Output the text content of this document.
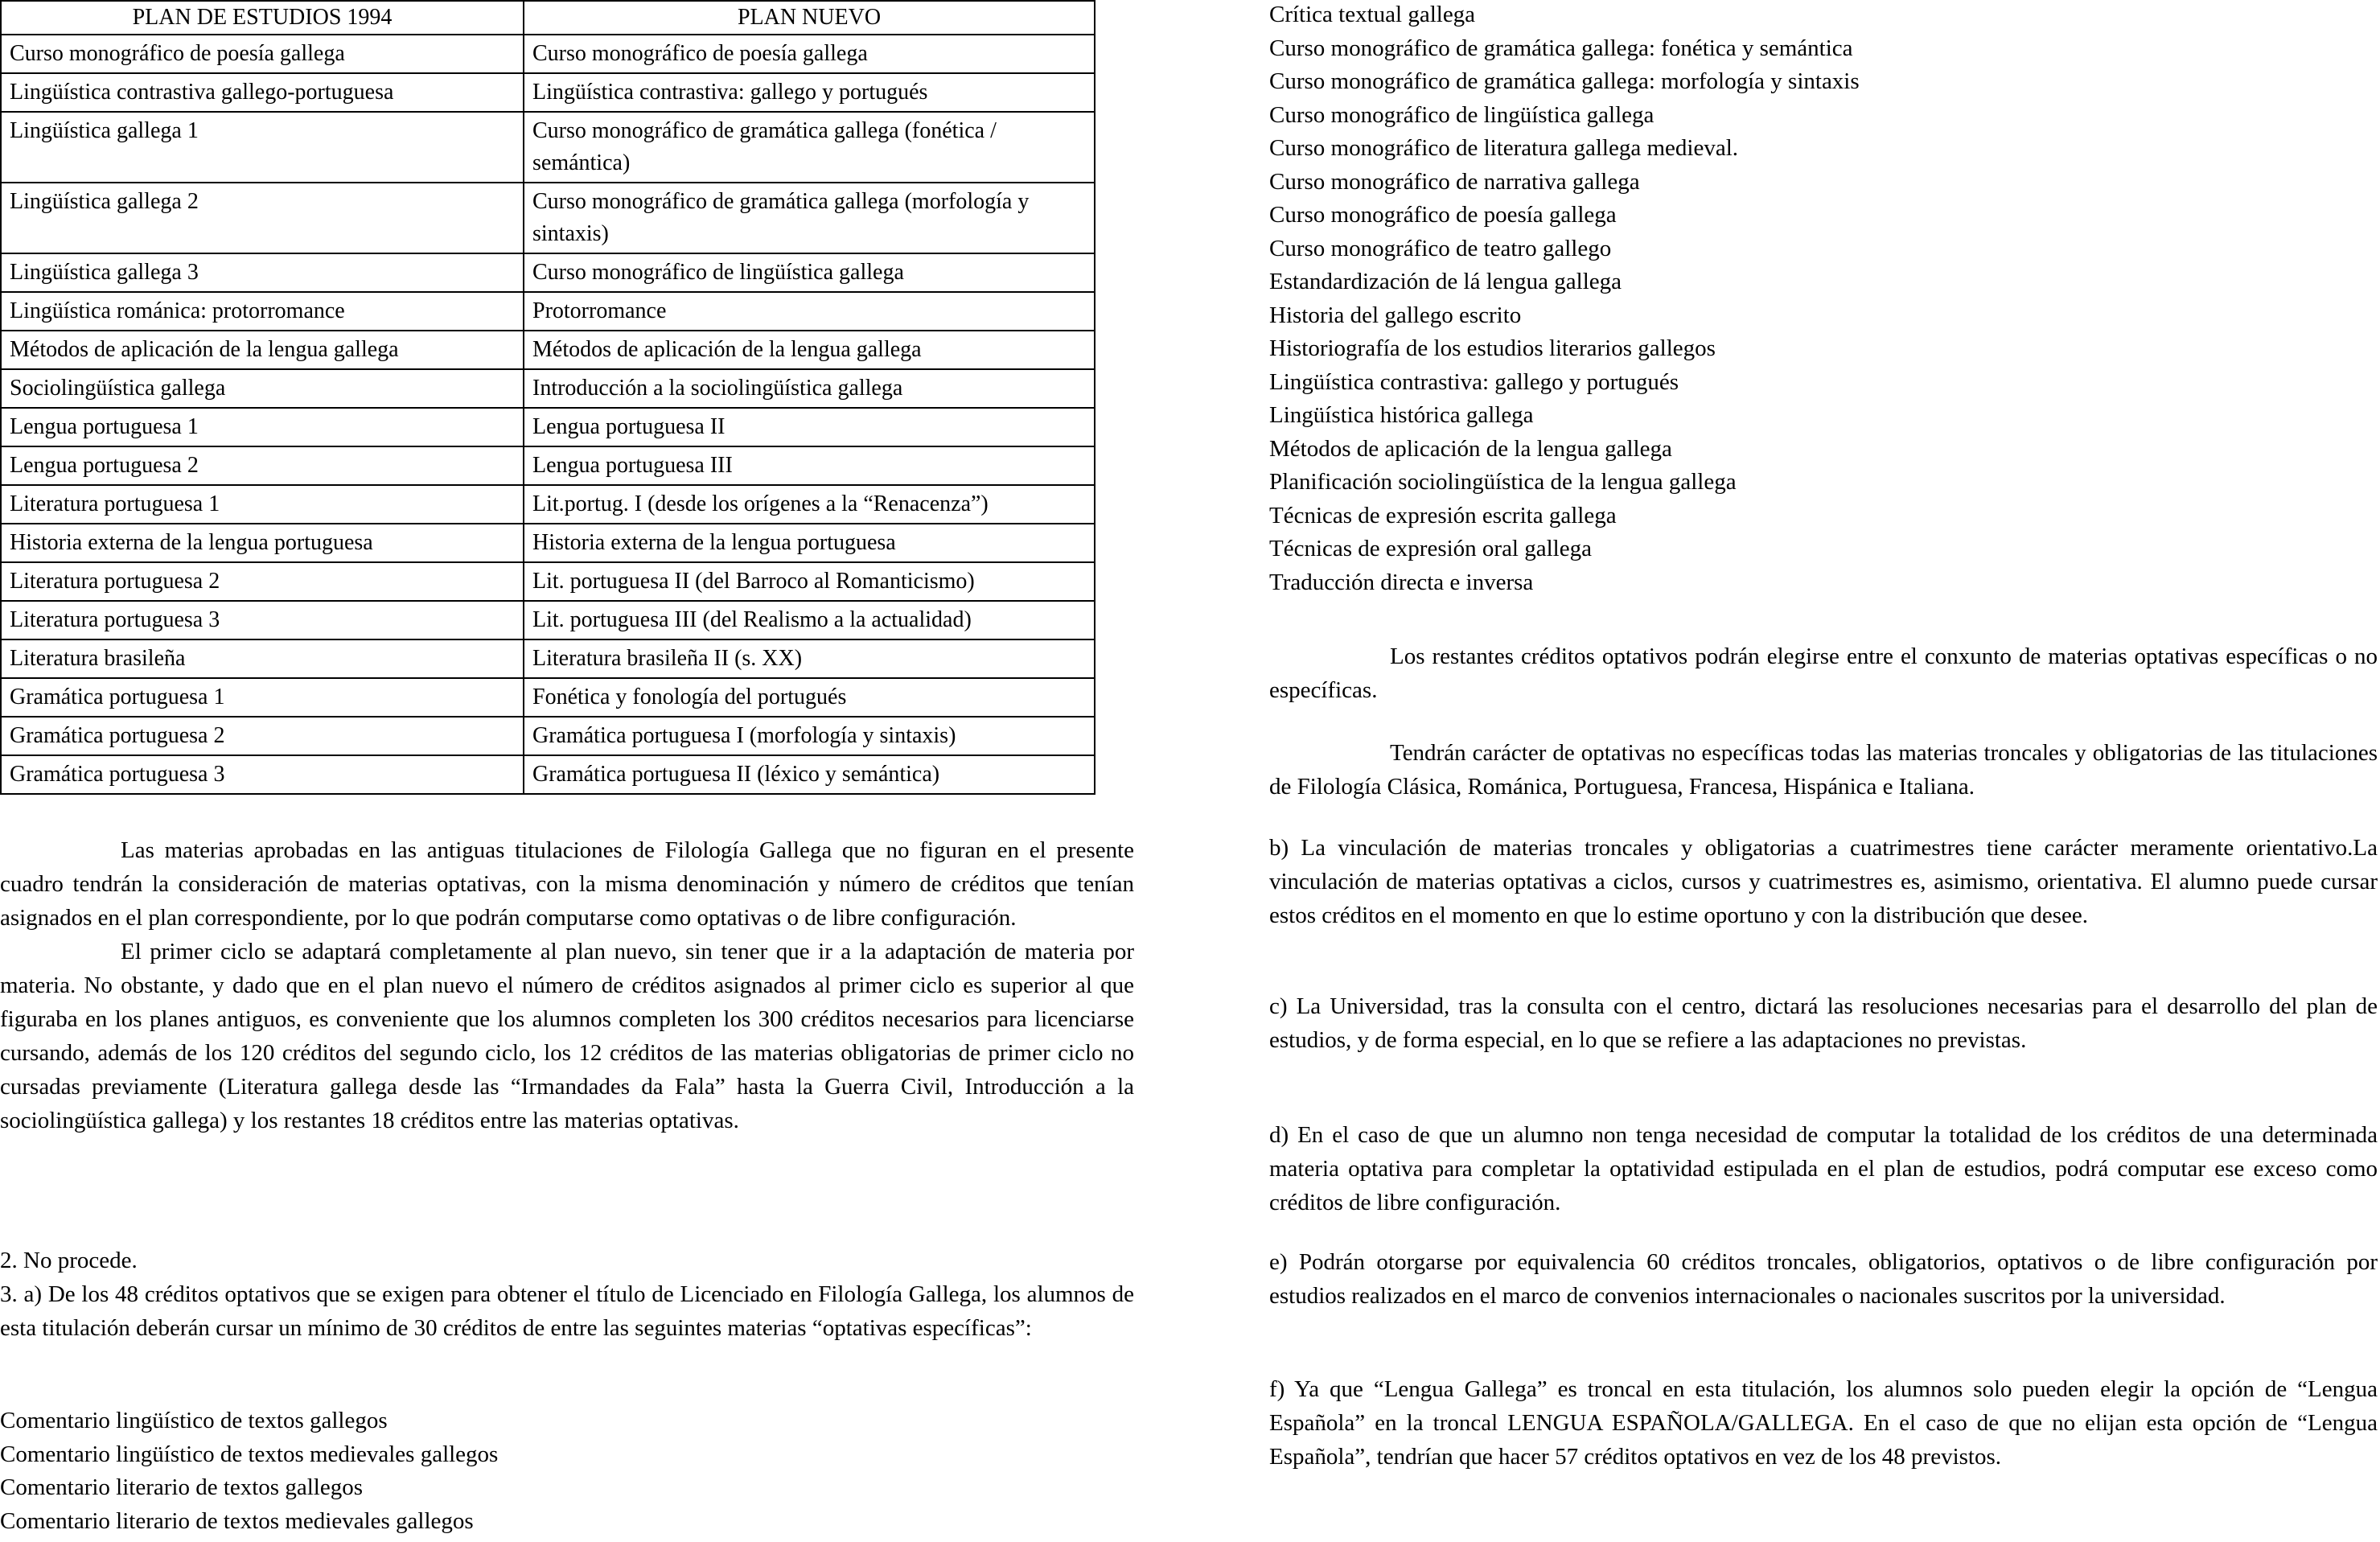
PLAN DE ESTUDIOS 1994	PLAN NUEVO
Curso monográfico de poesía gallega	Curso monográfico de poesía gallega
Lingüística contrastiva gallego-portuguesa	Lingüística contrastiva: gallego y portugués
Lingüística gallega 1	Curso monográfico de gramática gallega (fonética / semántica)
Lingüística gallega 2	Curso monográfico de gramática gallega (morfología y sintaxis)
Lingüística gallega 3	Curso monográfico de lingüística gallega
Lingüística románica: protorromance	Protorromance
Métodos de aplicación de la lengua gallega	Métodos de aplicación de la lengua gallega
Sociolingüística gallega	Introducción a la sociolingüística gallega
Lengua portuguesa 1	Lengua portuguesa II
Lengua portuguesa 2	Lengua portuguesa III
Literatura portuguesa 1	Lit.portug. I (desde los orígenes a la “Renacenza”)
Historia externa de la lengua portuguesa	Historia externa de la lengua portuguesa
Literatura portuguesa 2	Lit. portuguesa II (del Barroco al Romanticismo)
Literatura portuguesa 3	Lit. portuguesa III (del Realismo a la actualidad)
Literatura brasileña	Literatura brasileña II (s. XX)
Gramática portuguesa 1	Fonética y fonología del portugués
Gramática portuguesa 2	Gramática portuguesa I (morfología y sintaxis)
Gramática portuguesa 3	Gramática portuguesa II (léxico y semántica)

Las materias aprobadas en las antiguas titulaciones de Filología Gallega que no figuran en el presente cuadro tendrán la consideración de materias optativas, con la misma denominación y número de créditos que tenían asignados en el plan correspondiente, por lo que podrán computarse como optativas o de libre configuración.

El primer ciclo se adaptará completamente al plan nuevo, sin tener que ir a la adaptación de materia por materia. No obstante, y dado que en el plan nuevo el número de créditos asignados al primer ciclo es superior al que figuraba en los planes antiguos, es conveniente que los alumnos completen los 300 créditos necesarios para licenciarse cursando, además de los 120 créditos del segundo ciclo, los 12 créditos de las materias obligatorias de primer ciclo no cursadas previamente (Literatura gallega desde las “Irmandades da Fala” hasta la Guerra Civil, Introducción a la sociolingüística gallega) y los restantes 18 créditos entre las materias optativas.

2. No procede.

3. a) De los 48 créditos optativos que se exigen para obtener el título de Licenciado en Filología Gallega, los alumnos de esta titulación deberán cursar un mínimo de 30 créditos de entre las seguintes materias “optativas específicas”:

Comentario lingüístico de textos gallegos
Comentario lingüístico de textos medievales gallegos
Comentario literario de textos gallegos
Comentario literario de textos medievales gallegos
Crítica textual gallega
Curso monográfico de gramática gallega: fonética y semántica
Curso monográfico de gramática gallega: morfología y sintaxis
Curso monográfico de lingüística gallega
Curso monográfico de literatura gallega medieval.
Curso monográfico de narrativa gallega
Curso monográfico de poesía gallega
Curso monográfico de teatro gallego
Estandardización de lá lengua gallega
Historia del gallego escrito
Historiografía de los estudios literarios gallegos
Lingüística contrastiva: gallego y portugués
Lingüística histórica gallega
Métodos de aplicación de la lengua gallega
Planificación sociolingüística de la lengua gallega
Técnicas de expresión escrita gallega
Técnicas de expresión oral gallega
Traducción directa e inversa

Los restantes créditos optativos podrán elegirse entre el conxunto de materias optativas específicas o no específicas.

Tendrán carácter de optativas no específicas todas las materias troncales y obligatorias de las titulaciones de Filología Clásica, Románica, Portuguesa, Francesa, Hispánica e Italiana.

b) La vinculación de materias troncales y obligatorias a cuatrimestres tiene carácter meramente orientativo.La vinculación de materias optativas a ciclos, cursos y cuatrimestres es, asimismo, orientativa. El alumno puede cursar estos créditos en el momento en que lo estime oportuno y con la distribución que desee.

c) La Universidad, tras la consulta con el centro, dictará las resoluciones necesarias para el desarrollo del plan de estudios, y de forma especial, en lo que se refiere a las adaptaciones no previstas.

d) En el caso de que un alumno non tenga necesidad de computar la totalidad de los créditos de una determinada materia optativa para completar la optatividad estipulada en el plan de estudios, podrá computar ese exceso como créditos de libre configuración.

e) Podrán otorgarse por equivalencia 60 créditos troncales, obligatorios, optativos o de libre configuración por estudios realizados en el marco de convenios internacionales o nacionales suscritos por la universidad.

f) Ya que “Lengua Gallega” es troncal en esta titulación, los alumnos solo pueden elegir la opción de “Lengua Española” en la troncal LENGUA ESPAÑOLA/GALLEGA. En el caso de que no elijan esta opción de “Lengua Española”, tendrían que hacer 57 créditos optativos en vez de los 48 previstos.
